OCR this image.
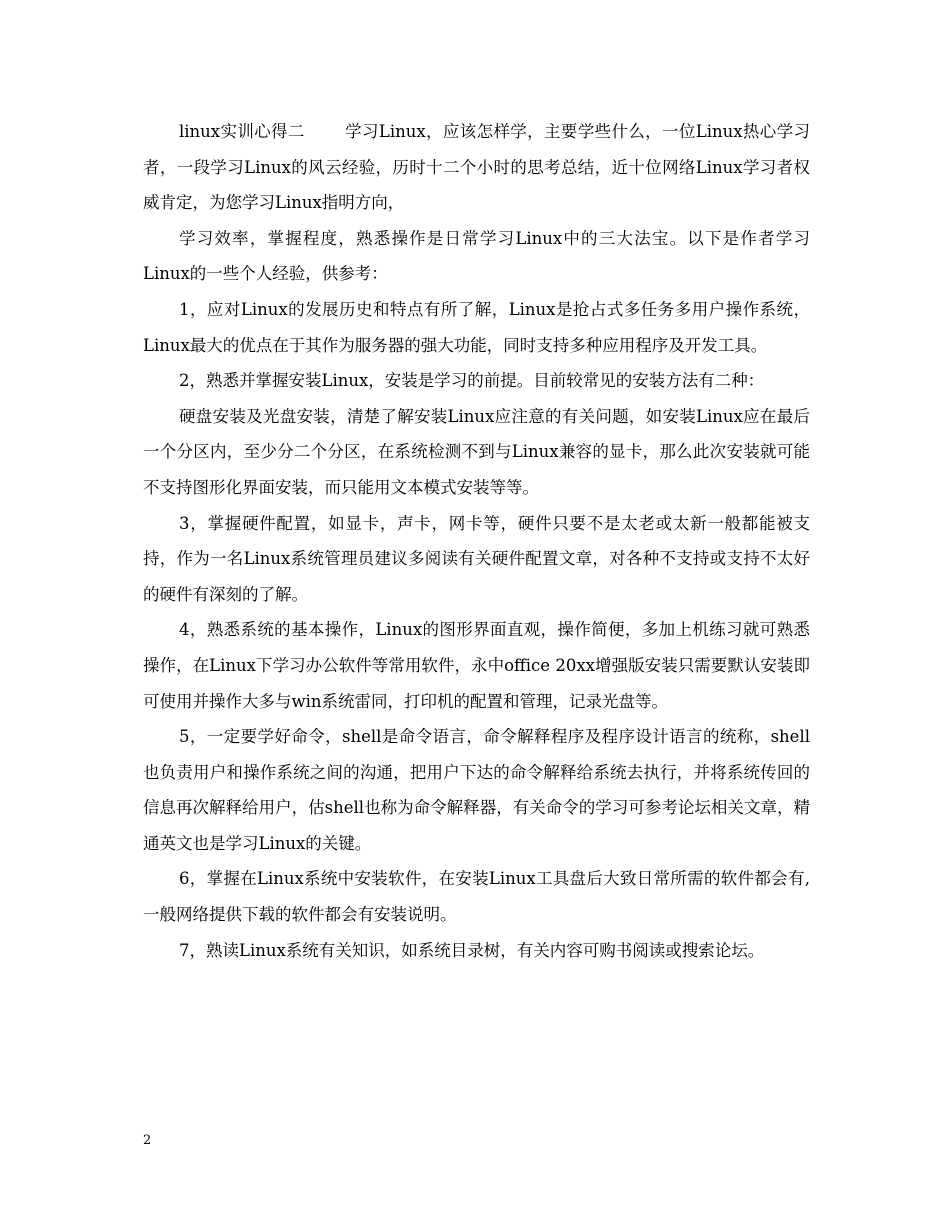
linux实训心得二 学习Linux，应该怎样学，主要学些什么，一位Linux热心学习者，一段学习Linux的风云经验，历时十二个小时的思考总结，近十位网络Linux学习者权威肯定，为您学习Linux指明方向，

学习效率，掌握程度，熟悉操作是日常学习Linux中的三大法宝。以下是作者学习Linux的一些个人经验，供参考：

1，应对Linux的发展历史和特点有所了解，Linux是抢占式多任务多用户操作系统，Linux最大的优点在于其作为服务器的强大功能，同时支持多种应用程序及开发工具。

2，熟悉并掌握安装Linux，安装是学习的前提。目前较常见的安装方法有二种：

硬盘安装及光盘安装，清楚了解安装Linux应注意的有关问题，如安装Linux应在最后一个分区内，至少分二个分区，在系统检测不到与Linux兼容的显卡，那么此次安装就可能不支持图形化界面安装，而只能用文本模式安装等等。

3，掌握硬件配置，如显卡，声卡，网卡等，硬件只要不是太老或太新一般都能被支持，作为一名Linux系统管理员建议多阅读有关硬件配置文章，对各种不支持或支持不太好的硬件有深刻的了解。

4，熟悉系统的基本操作，Linux的图形界面直观，操作简便，多加上机练习就可熟悉操作，在Linux下学习办公软件等常用软件，永中office 20xx增强版安装只需要默认安装即可使用并操作大多与win系统雷同，打印机的配置和管理，记录光盘等。

5，一定要学好命令，shell是命令语言，命令解释程序及程序设计语言的统称，shell也负责用户和操作系统之间的沟通，把用户下达的命令解释给系统去执行，并将系统传回的信息再次解释给用户，估shell也称为命令解释器，有关命令的学习可参考论坛相关文章，精通英文也是学习Linux的关键。

6，掌握在Linux系统中安装软件，在安装Linux工具盘后大致日常所需的软件都会有,一般网络提供下载的软件都会有安装说明。

7，熟读Linux系统有关知识，如系统目录树，有关内容可购书阅读或搜索论坛。

2
